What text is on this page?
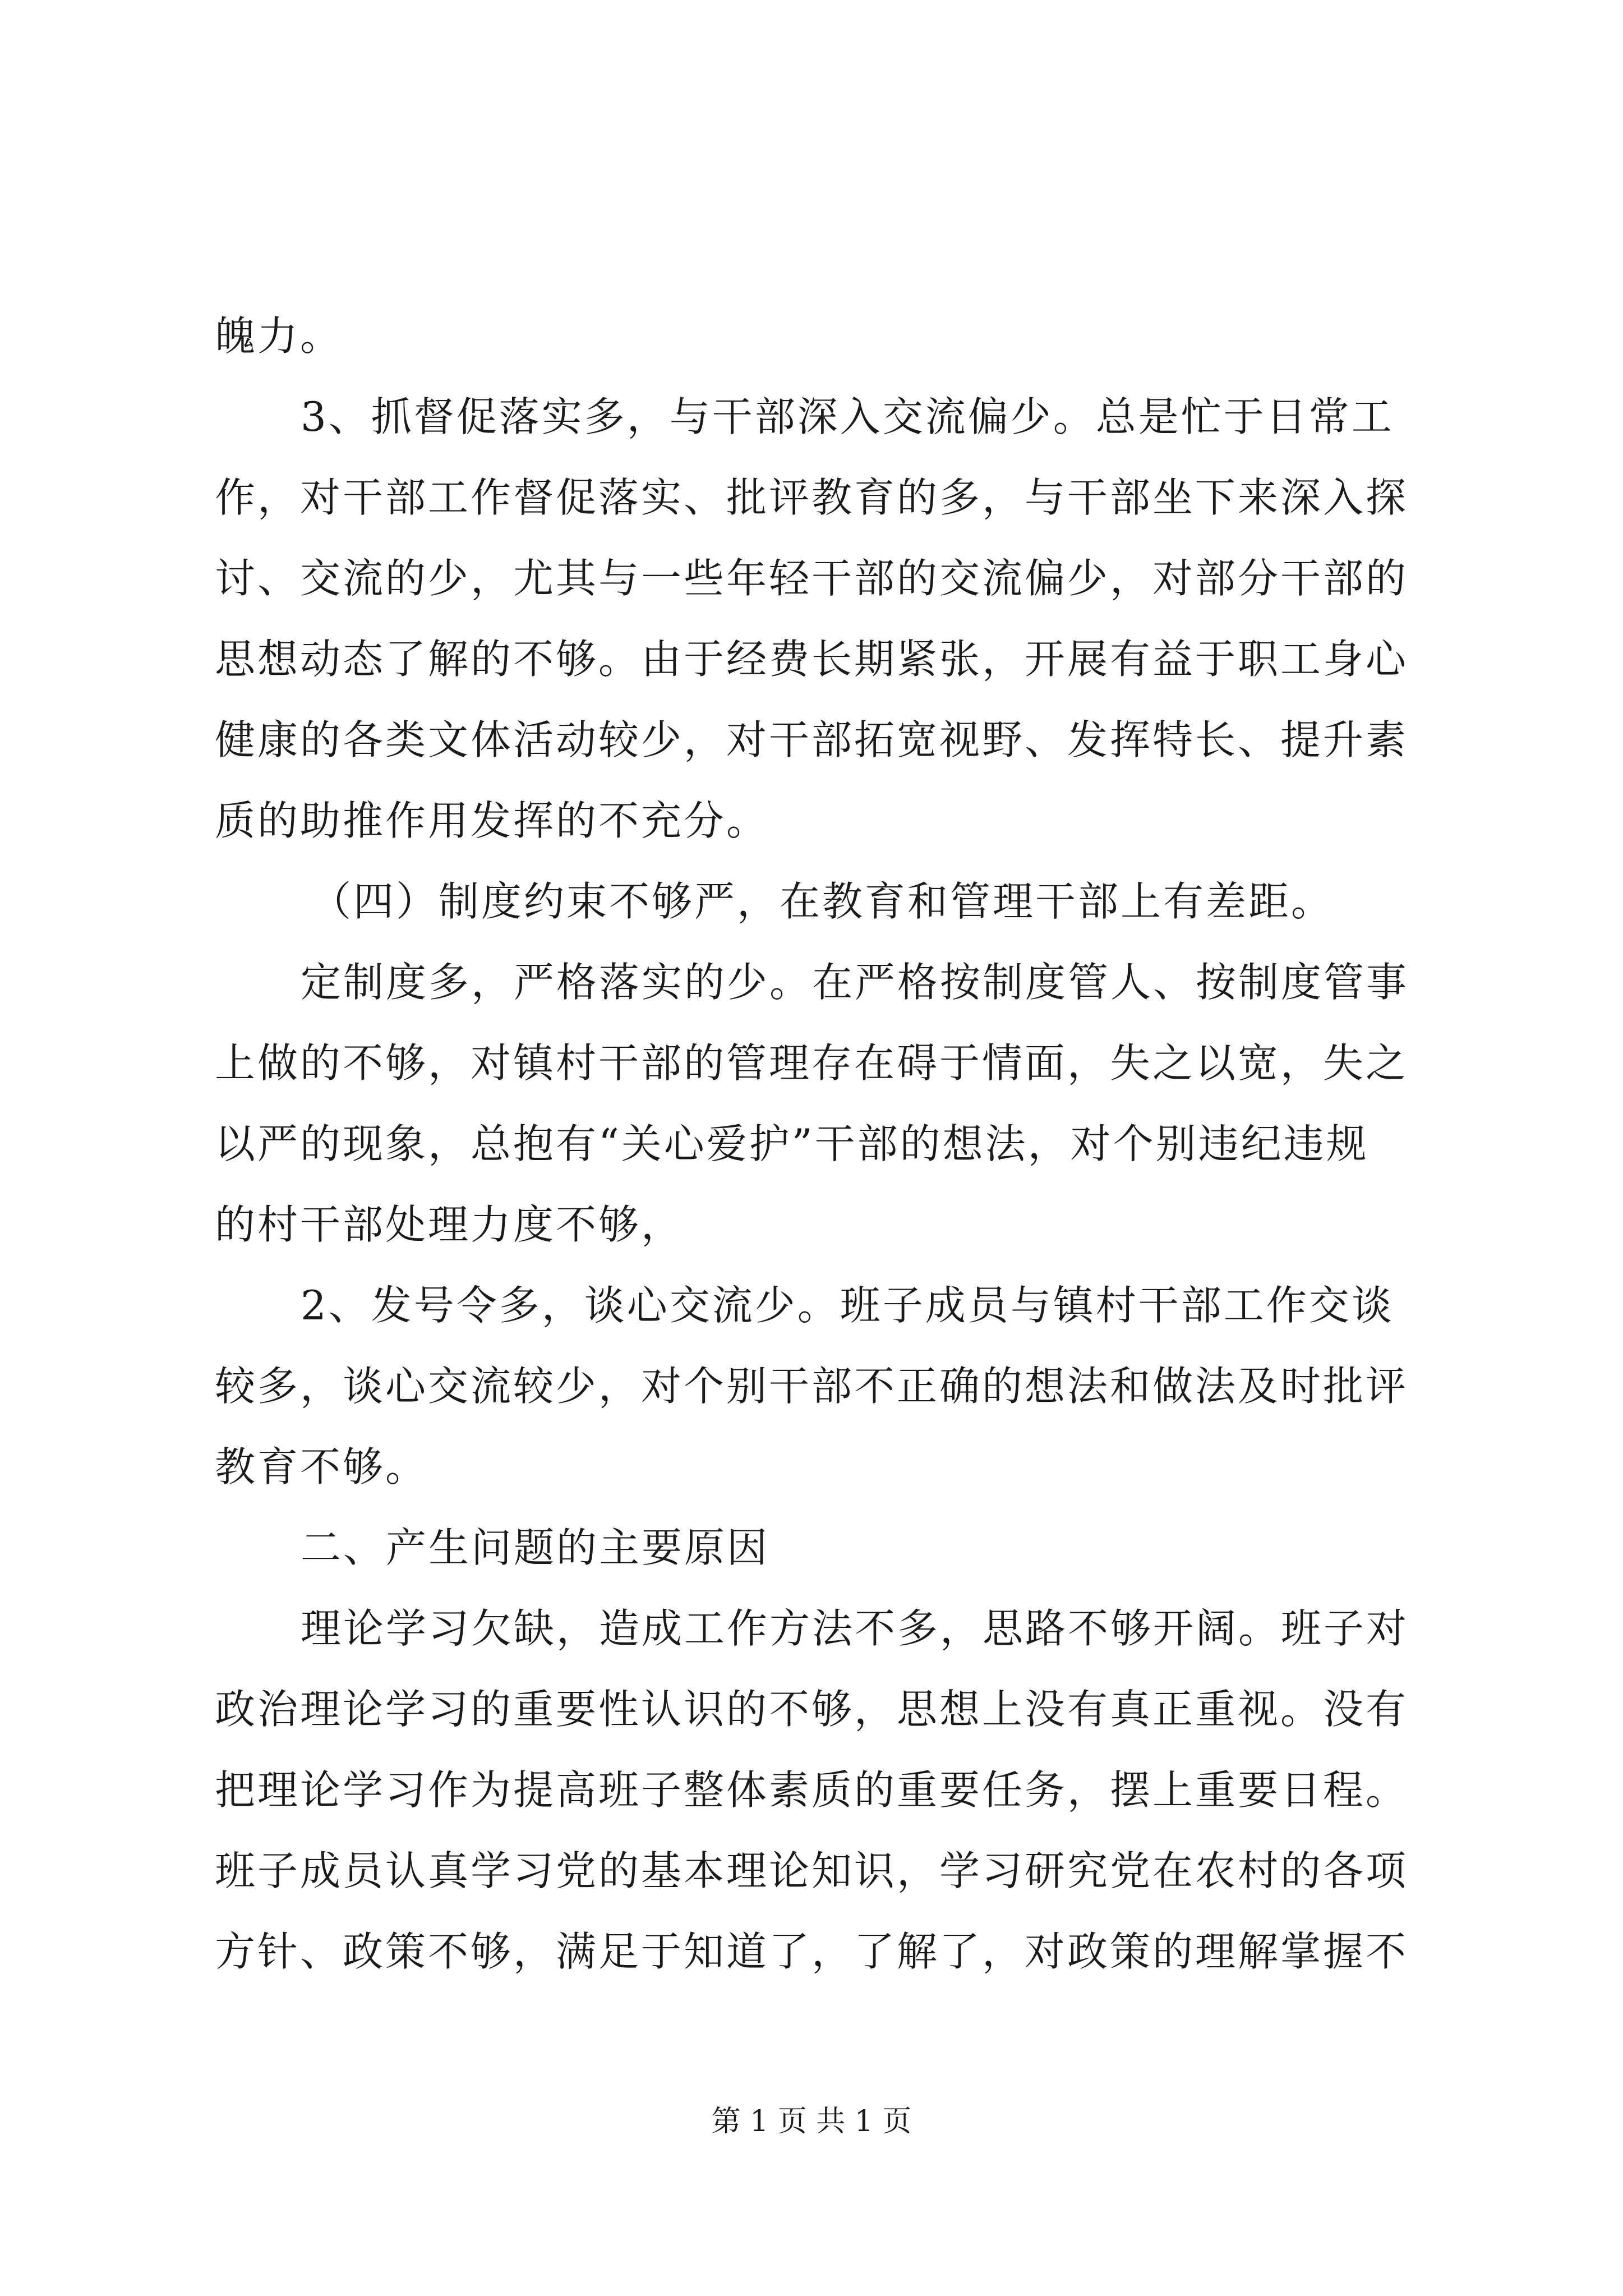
魄力。
3、抓督促落实多，与干部深入交流偏少。总是忙于日常工
作，对干部工作督促落实、批评教育的多，与干部坐下来深入探
讨、交流的少，尤其与一些年轻干部的交流偏少，对部分干部的
思想动态了解的不够。由于经费长期紧张，开展有益于职工身心
健康的各类文体活动较少，对干部拓宽视野、发挥特长、提升素
质的助推作用发挥的不充分。
（四）制度约束不够严，在教育和管理干部上有差距。
定制度多，严格落实的少。在严格按制度管人、按制度管事
上做的不够，对镇村干部的管理存在碍于情面，失之以宽，失之
以严的现象，总抱有“关心爱护”干部的想法，对个别违纪违规
的村干部处理力度不够，
2、发号令多，谈心交流少。班子成员与镇村干部工作交谈
较多，谈心交流较少，对个别干部不正确的想法和做法及时批评
教育不够。
二、产生问题的主要原因
理论学习欠缺，造成工作方法不多，思路不够开阔。班子对
政治理论学习的重要性认识的不够，思想上没有真正重视。没有
把理论学习作为提高班子整体素质的重要任务，摆上重要日程。
班子成员认真学习党的基本理论知识，学习研究党在农村的各项
方针、政策不够，满足于知道了，了解了，对政策的理解掌握不
第 1 页 共 1 页
